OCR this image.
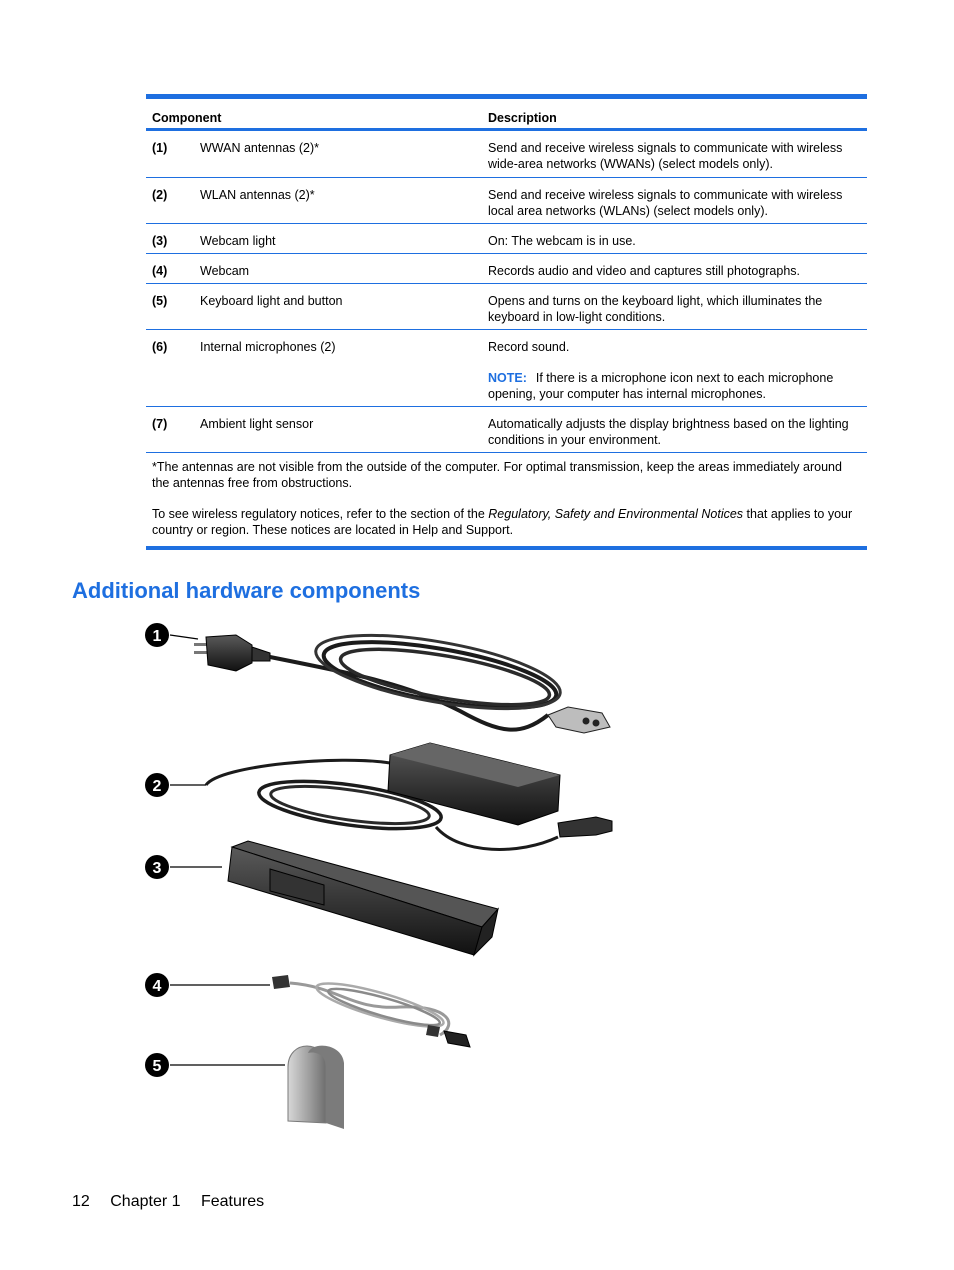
Component	Description
(1)	WWAN antennas (2)*	Send and receive wireless signals to communicate with wireless

wide-area networks (WWANs) (select models only).

(2)	WLAN antennas (2)*	Send and receive wireless signals to communicate with wireless

local area networks (WLANs) (select models only).

(3)	Webcam light	On: The webcam is in use.

(4)	Webcam	Records audio and video and captures still photographs.

(5)	Keyboard light and button	Opens and turns on the keyboard light, which illuminates the

keyboard in low-light conditions.

(6)	Internal microphones (2)	Record sound.

NOTE: If there is a microphone icon next to each microphone

opening, your computer has internal microphones.

(7)	Ambient light sensor	Automatically adjusts the display brightness based on the lighting

conditions in your environment.

*The antennas are not visible from the outside of the computer. For optimal transmission, keep the areas immediately around
the antennas free from obstructions.

To see wireless regulatory notices, refer to the section of the Regulatory, Safety and Environmental Notices that applies to your
country or region. These notices are located in Help and Support.

Additional hardware components
1
2
3
4
5
12 Chapter 1 Features
